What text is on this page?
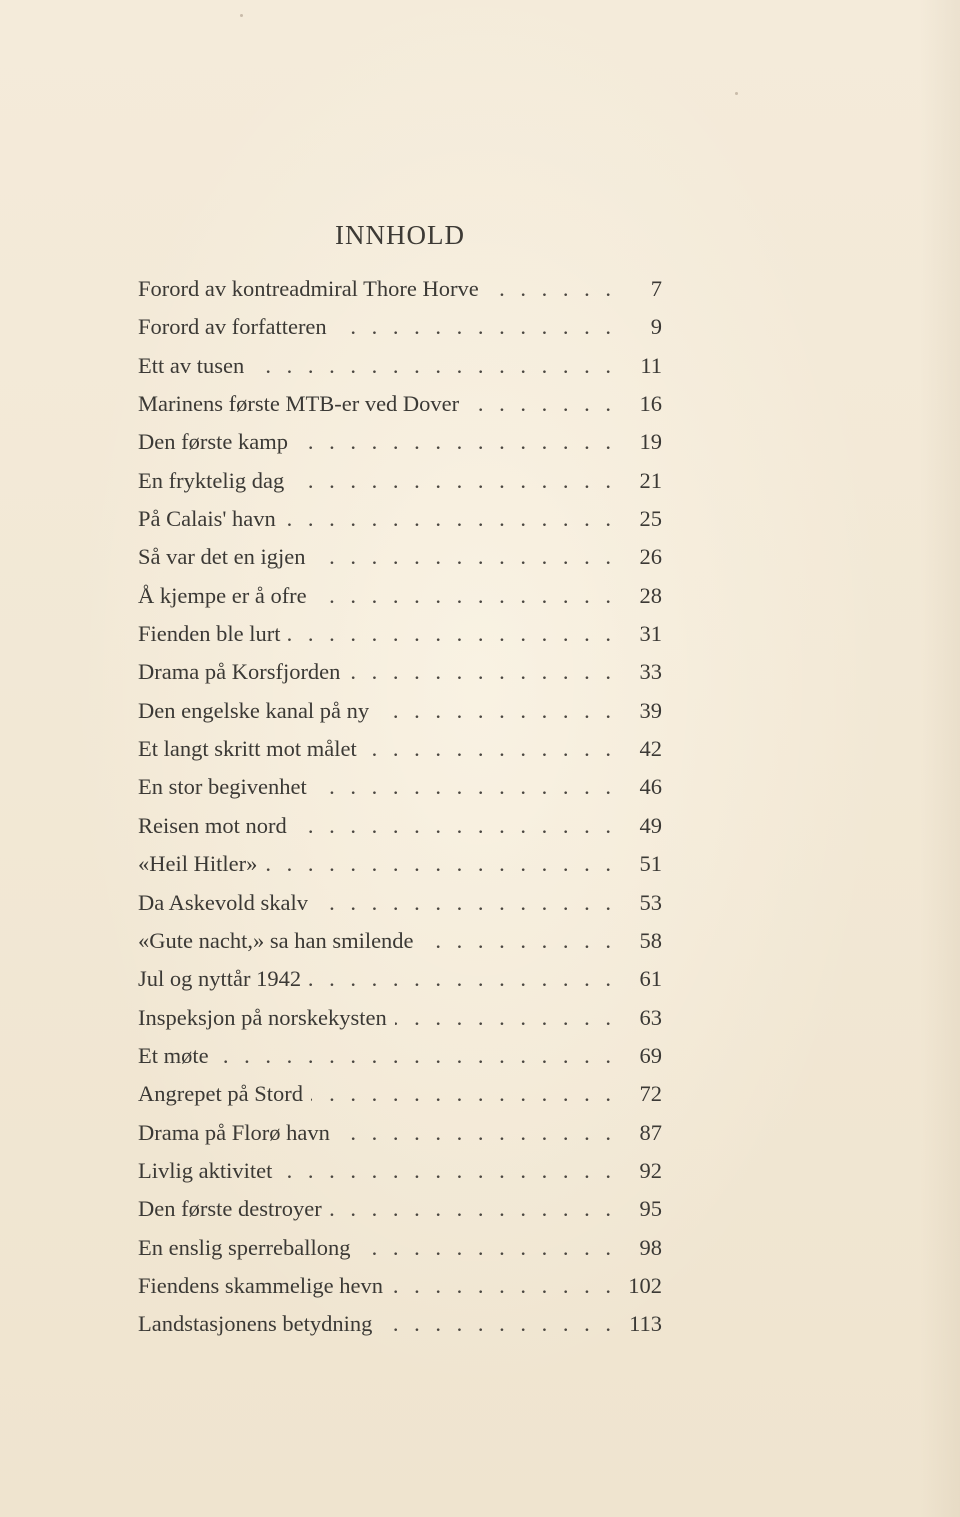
INNHOLD
Forord av kontreadmiral Thore Horve . . .	7
Forord av forfatteren . . .	9
Ett av tusen . . .	11
Marinens første MTB-er ved Dover . . .	16
Den første kamp . . .	19
En fryktelig dag . . .	21
På Calais' havn . . .	25
Så var det en igjen . . .	26
Å kjempe er å ofre . . .	28
Fienden ble lurt . . .	31
Drama på Korsfjorden . . .	33
Den engelske kanal på ny . . .	39
Et langt skritt mot målet . . .	42
En stor begivenhet . . .	46
Reisen mot nord . . .	49
«Heil Hitler» . . .	51
Da Askevold skalv . . .	53
«Gute nacht,» sa han smilende . . .	58
Jul og nyttår 1942 . . .	61
Inspeksjon på norskekysten . . .	63
Et møte . . .	69
Angrepet på Stord . . .	72
Drama på Florø havn . . .	87
Livlig aktivitet . . .	92
Den første destroyer . . .	95
En enslig sperreballong . . .	98
Fiendens skammelige hevn . . .	102
Landstasjonens betydning . . .	113
